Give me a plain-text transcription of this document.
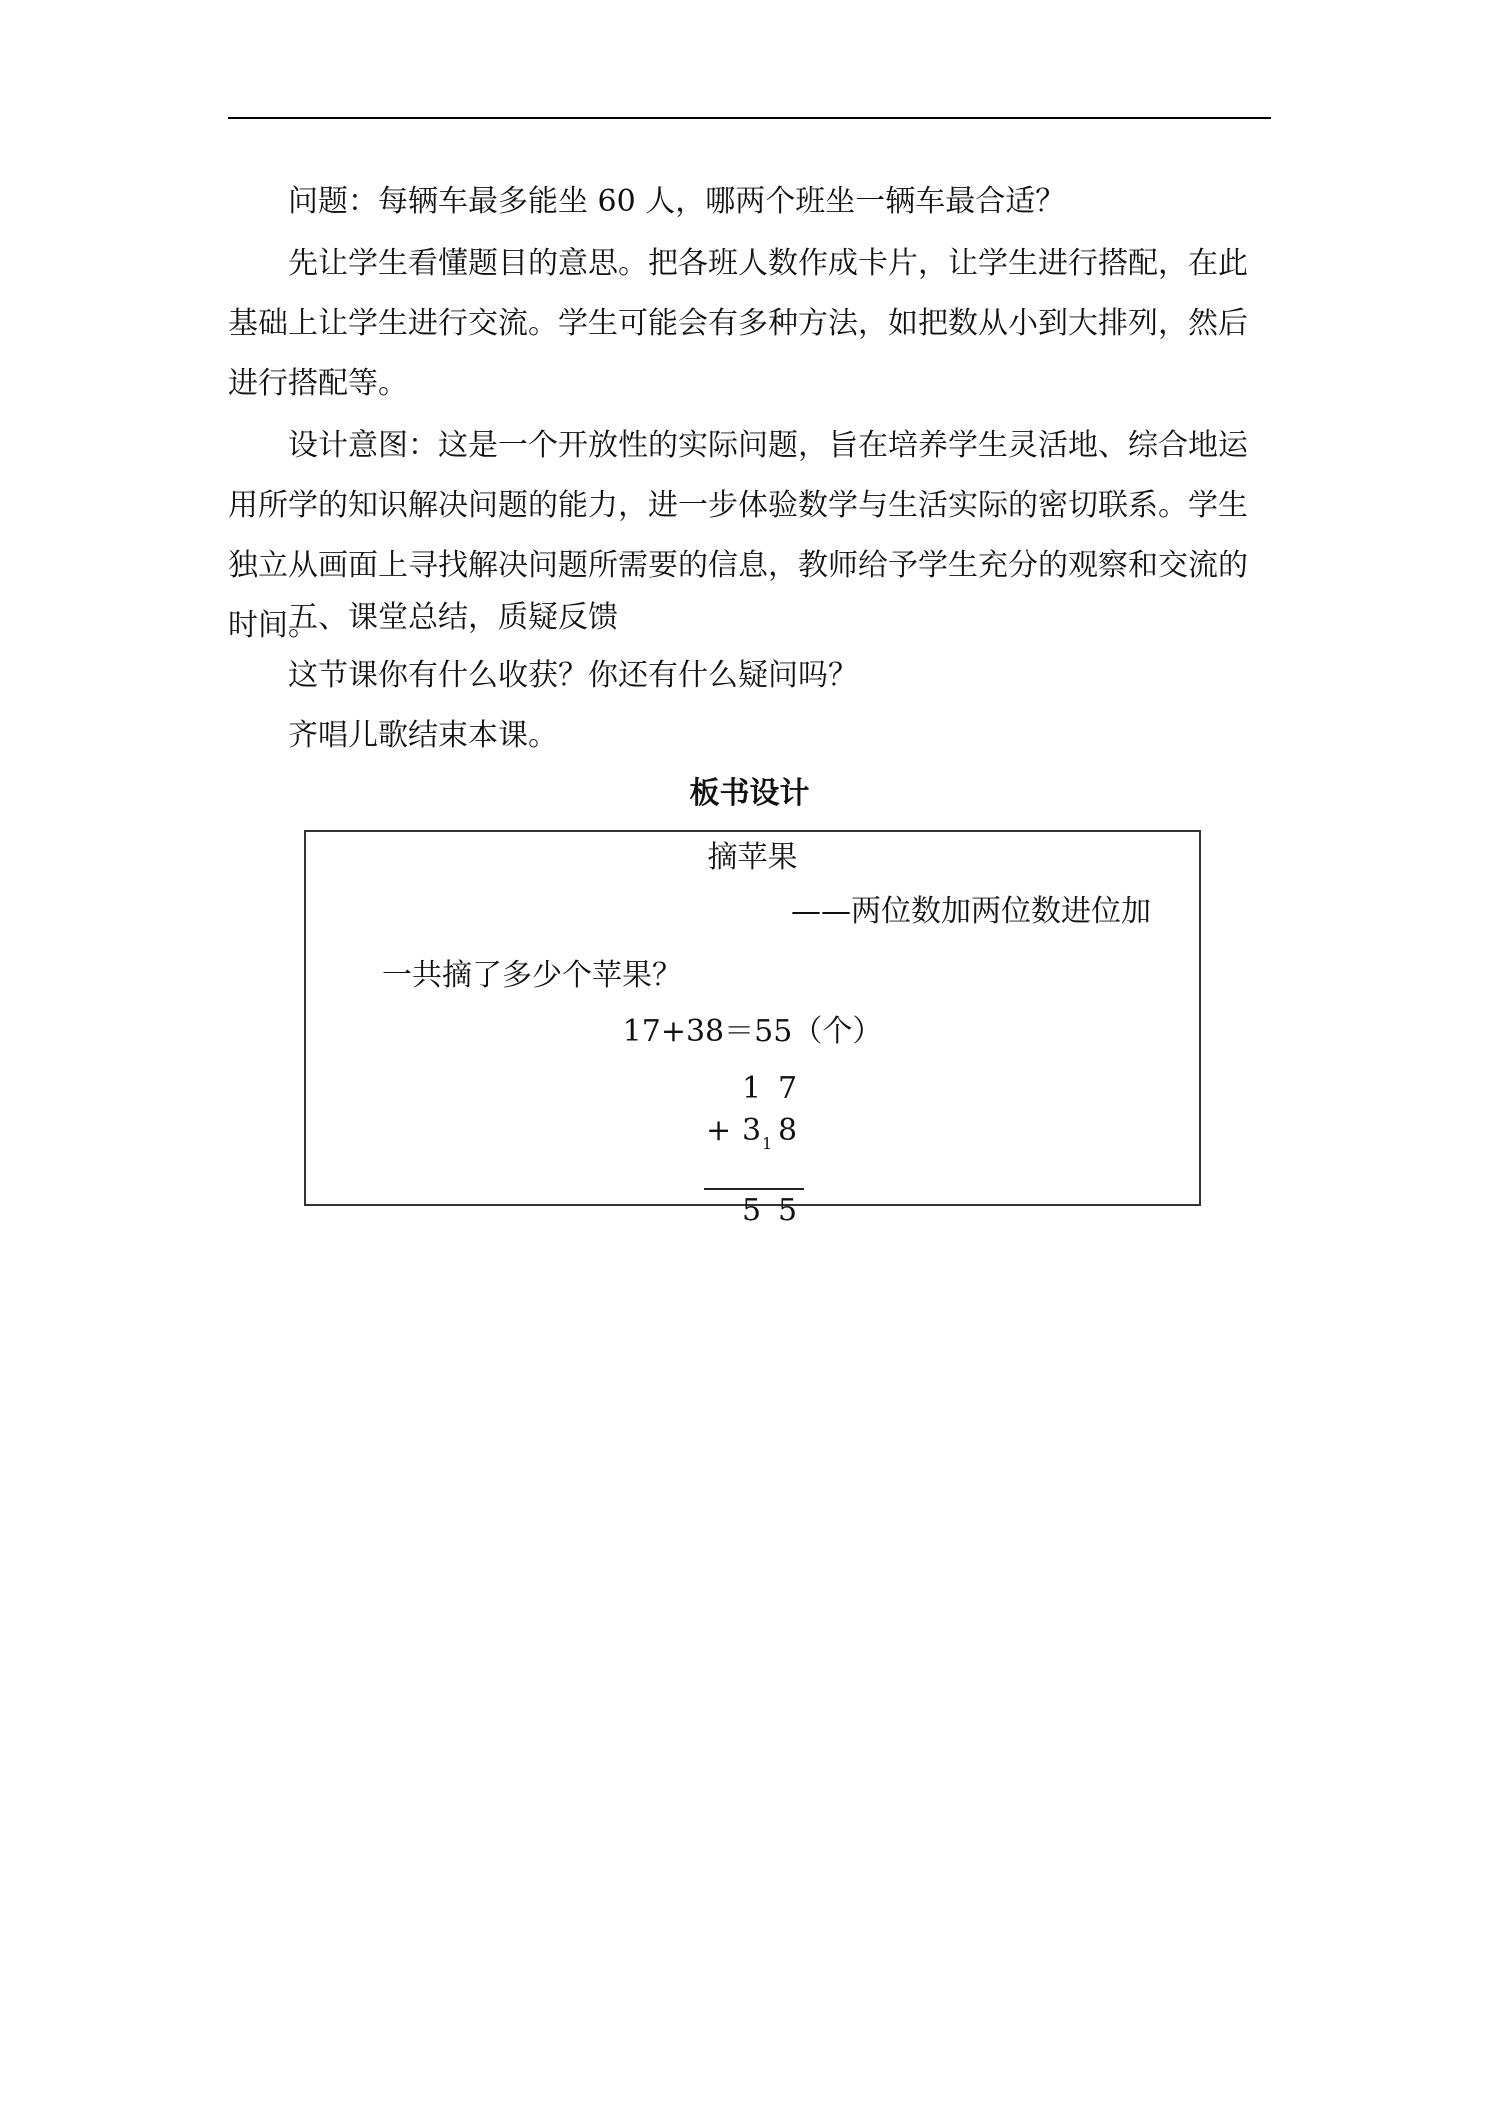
问题：每辆车最多能坐 60 人，哪两个班坐一辆车最合适？

先让学生看懂题目的意思。把各班人数作成卡片，让学生进行搭配，在此基础上让学生进行交流。学生可能会有多种方法，如把数从小到大排列，然后进行搭配等。

设计意图：这是一个开放性的实际问题，旨在培养学生灵活地、综合地运用所学的知识解决问题的能力，进一步体验数学与生活实际的密切联系。学生独立从画面上寻找解决问题所需要的信息，教师给予学生充分的观察和交流的时间。

五、课堂总结，质疑反馈

这节课你有什么收获？你还有什么疑问吗？

齐唱儿歌结束本课。

板书设计

摘苹果

——两位数加两位数进位加

一共摘了多少个苹果？

17+38＝55（个）

1 7
+ 3 1 8
5 5
